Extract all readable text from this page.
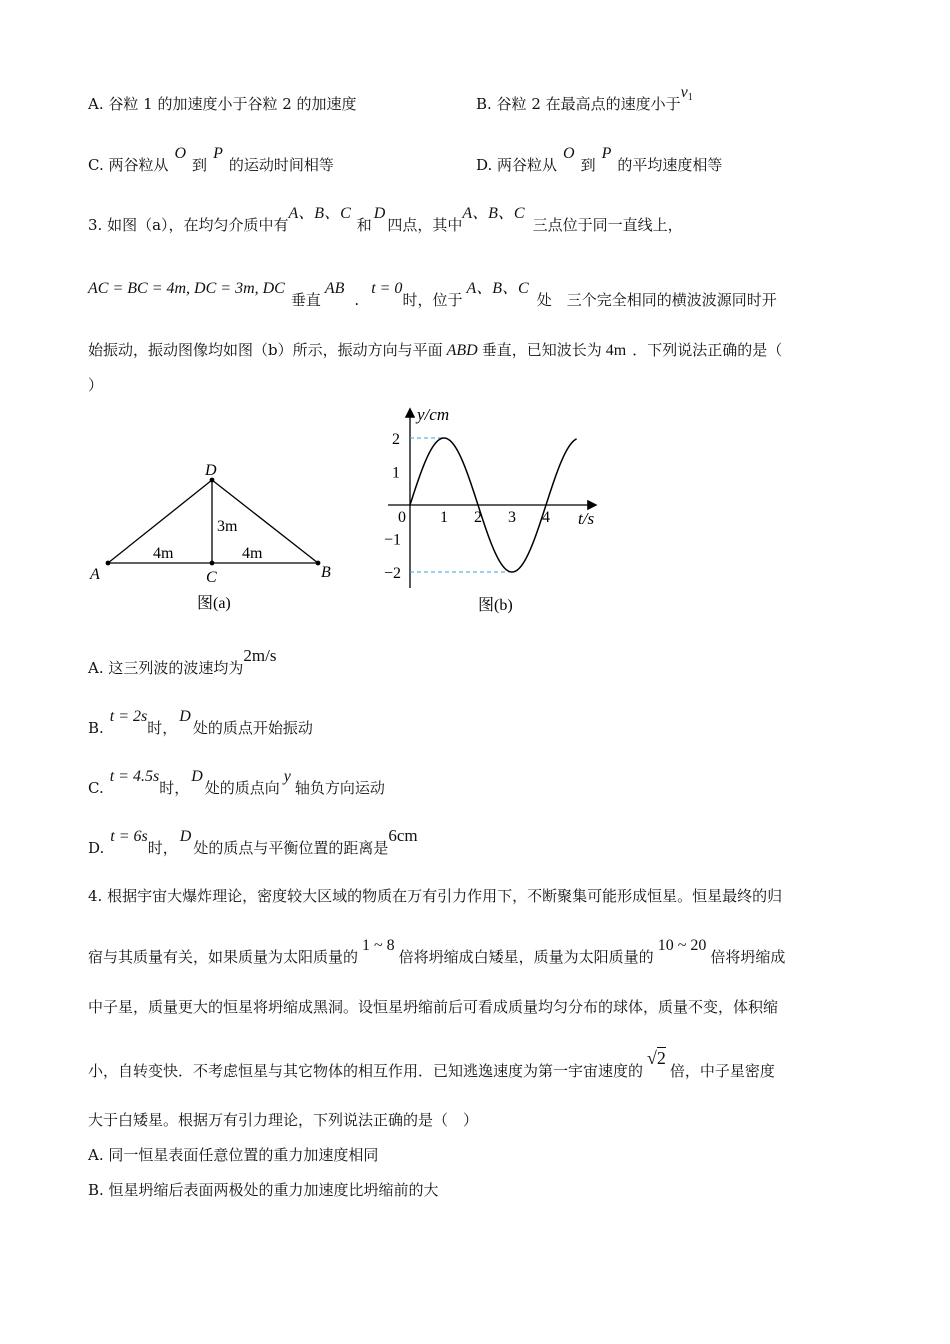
A. 谷粒 1 的加速度小于谷粒 2 的加速度	B. 谷粒 2 在最高点的速度小于$v^1$
C. 两谷粒从O到P的运动时间相等	D. 两谷粒从O到P的平均速度相等
3. 如图（a），在均匀介质中有A、B、C和D四点，其中A、B、C三点位于同一直线上，
AC = BC = 4m, DC = 3m, DC垂直AB.t = 0时，位于A、B、C处　三个完全相同的横波波源同时开
始振动，振动图像均如图（b）所示，振动方向与平面 ABD 垂直，已知波长为 4m ．下列说法正确的是（
）
A	B
C
D
4m	4m
3m
图(a)
0 1 2 3 4
2
1
−1
−2
y/cm
t/s
图(b)
A. 这三列波的波速均为2m/s
B.t = 2s时，D处的质点开始振动
C.t = 4.5s时，D处的质点向y轴负方向运动
D.t = 6s时，D处的质点与平衡位置的距离是6cm
4. 根据宇宙大爆炸理论，密度较大区域的物质在万有引力作用下，不断聚集可能形成恒星。恒星最终的归
宿与其质量有关，如果质量为太阳质量的1 ~ 8倍将坍缩成白矮星，质量为太阳质量的10 ~ 20倍将坍缩成
中子星，质量更大的恒星将坍缩成黑洞。设恒星坍缩前后可看成质量均匀分布的球体，质量不变，体积缩
小，自转变快．不考虑恒星与其它物体的相互作用．已知逃逸速度为第一宇宙速度的√2倍，中子星密度
大于白矮星。根据万有引力理论，下列说法正确的是（　）
A. 同一恒星表面任意位置的重力加速度相同
B. 恒星坍缩后表面两极处的重力加速度比坍缩前的大
